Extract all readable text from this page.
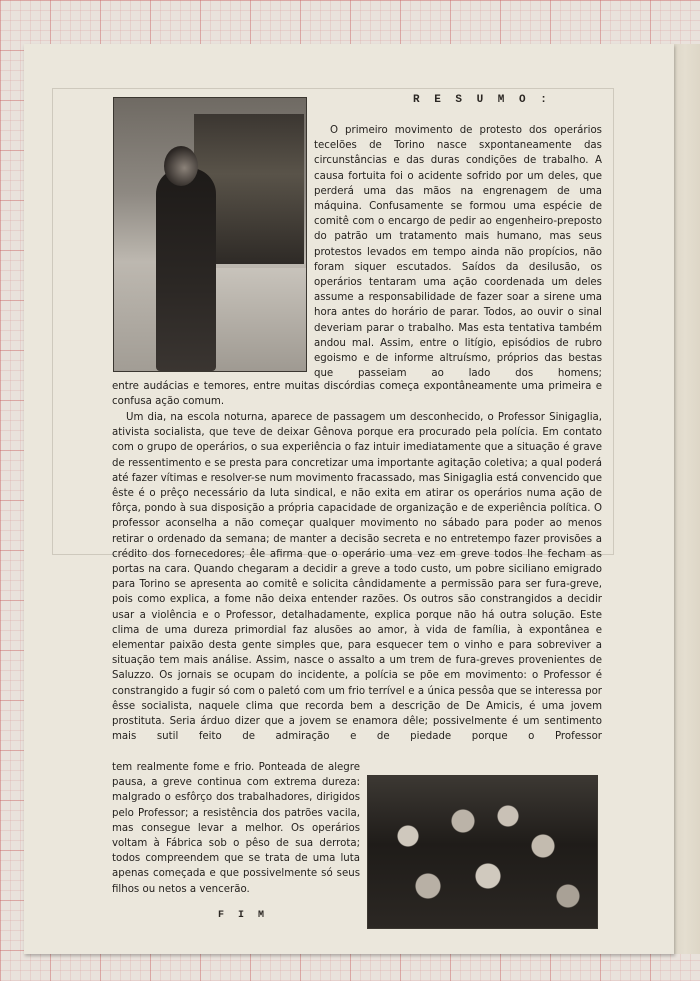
R E S U M O :

O primeiro movimento de protesto dos operários tecelões de Torino nasce sxpontaneamente das circunstâncias e das duras condições de trabalho. A causa fortuita foi o acidente sofrido por um deles, que perderá uma das mãos na engrenagem de uma máquina. Confusamente se formou uma espécie de comitê com o encargo de pedir ao engenheiro-preposto do patrão um tratamento mais humano, mas seus protestos levados em tempo ainda não propícios, não foram siquer escutados. Saídos da desilusão, os operários tentaram uma ação coordenada um deles assume a responsabilidade de fazer soar a sirene uma hora antes do horário de parar. Todos, ao ouvir o sinal deveriam parar o trabalho. Mas esta tentativa também andou mal. Assim, entre o litígio, episódios de rubro egoismo e de informe altruísmo, próprios das bestas que passeiam ao lado dos homens;

entre audácias e temores, entre muitas discórdias começa expontâneamente uma primeira e confusa ação comum.

Um dia, na escola noturna, aparece de passagem um desconhecido, o Professor Sinigaglia, ativista socialista, que teve de deixar Gênova porque era procurado pela polícia. Em contato com o grupo de operários, o sua experiência o faz intuir imediatamente que a situação é grave de ressentimento e se presta para concretizar uma importante agitação coletiva; a qual poderá até fazer vítimas e resolver-se num movimento fracassado, mas Sinigaglia está convencido que êste é o prêço necessário da luta sindical, e não exita em atirar os operários numa ação de fôrça, pondo à sua disposição a própria capacidade de organização e de experiência política. O professor aconselha a não começar qualquer movimento no sábado para poder ao menos retirar o ordenado da semana; de manter a decisão secreta e no entretempo fazer provisões a crédito dos fornecedores; êle afirma que o operário uma vez em greve todos lhe fecham as portas na cara. Quando chegaram a decidir a greve a todo custo, um pobre siciliano emigrado para Torino se apresenta ao comitê e solicita cândidamente a permissão para ser fura-greve, pois como explica, a fome não deixa entender razões. Os outros são constrangidos a decidir usar a violência e o Professor, detalhadamente, explica porque não há outra solução. Este clima de uma dureza primordial faz alusões ao amor, à vida de família, à expontânea e elementar paixão desta gente simples que, para esquecer tem o vinho e para sobreviver a situação tem mais análise. Assim, nasce o assalto a um trem de fura-greves provenientes de Saluzzo. Os jornais se ocupam do incidente, a polícia se põe em movimento: o Professor é constrangido a fugir só com o paletó com um frio terrível e a única pessôa que se interessa por êsse socialista, naquele clima que recorda bem a descrição de De Amicis, é uma jovem prostituta. Seria árduo dizer que a jovem se enamora dêle; possivelmente é um sentimento mais sutil feito de admiração e de piedade porque o Professor

tem realmente fome e frio. Ponteada de alegre pausa, a greve continua com extrema dureza: malgrado o esfôrço dos trabalhadores, dirigidos pelo Professor; a resistência dos patrões vacila, mas consegue levar a melhor. Os operários voltam à Fábrica sob o pêso de sua derrota; todos compreendem que se trata de uma luta apenas começada e que possivelmente só seus filhos ou netos a vencerão.

F I M
